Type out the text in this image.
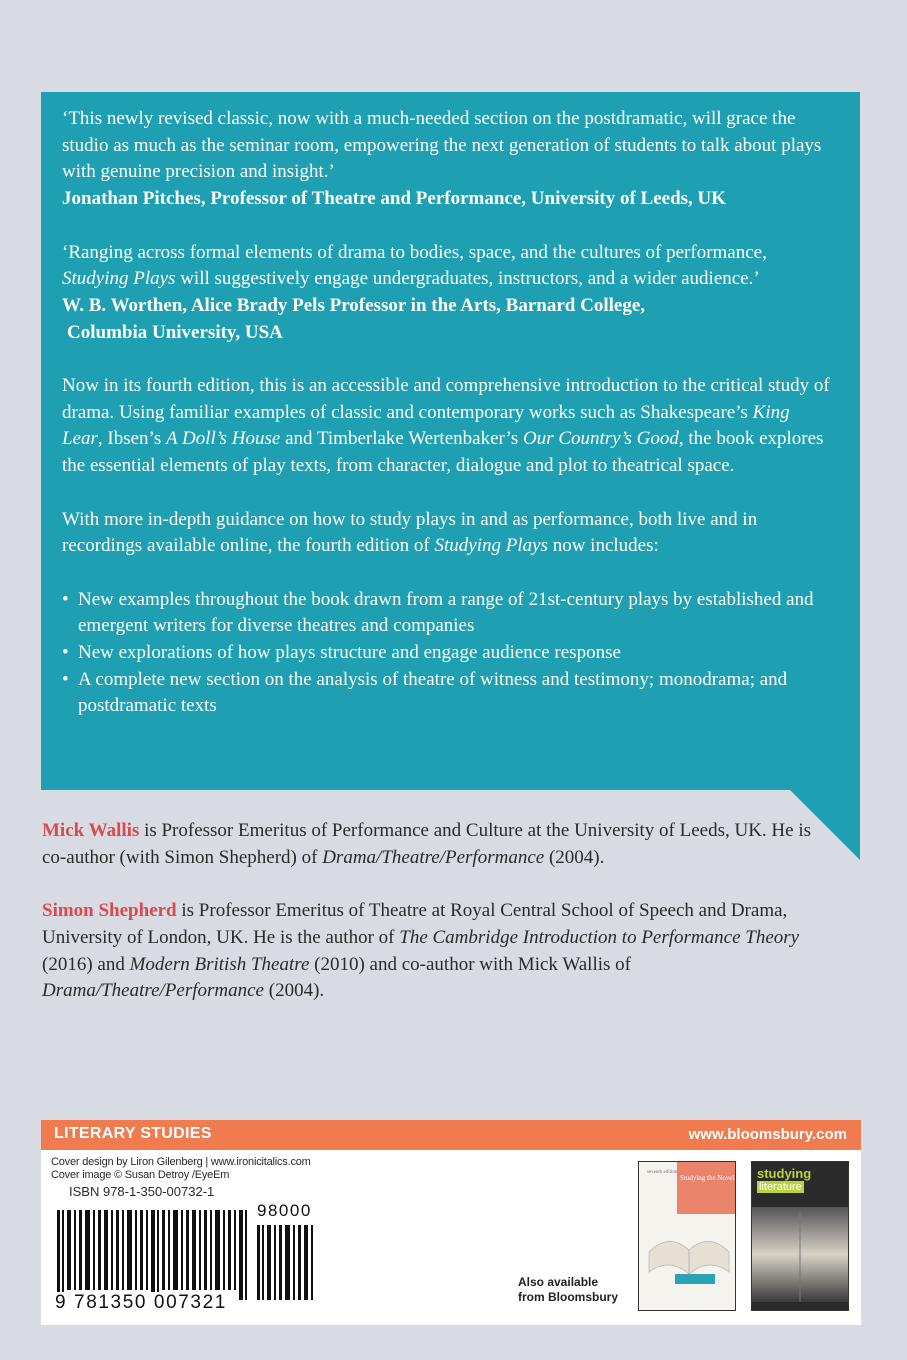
‘This newly revised classic, now with a much-needed section on the postdramatic, will grace the studio as much as the seminar room, empowering the next generation of students to talk about plays with genuine precision and insight.’

Jonathan Pitches, Professor of Theatre and Performance, University of Leeds, UK

‘Ranging across formal elements of drama to bodies, space, and the cultures of performance, Studying Plays will suggestively engage undergraduates, instructors, and a wider audience.’

W. B. Worthen, Alice Brady Pels Professor in the Arts, Barnard College,

Columbia University, USA

Now in its fourth edition, this is an accessible and comprehensive introduction to the critical study of drama. Using familiar examples of classic and contemporary works such as Shakespeare’s King Lear, Ibsen’s A Doll’s House and Timberlake Wertenbaker’s Our Country’s Good, the book explores the essential elements of play texts, from character, dialogue and plot to theatrical space.

With more in-depth guidance on how to study plays in and as performance, both live and in recordings available online, the fourth edition of Studying Plays now includes:

• New examples throughout the book drawn from a range of 21st-century plays by established and emergent writers for diverse theatres and companies
• New explorations of how plays structure and engage audience response
• A complete new section on the analysis of theatre of witness and testimony; monodrama; and postdramatic texts

Mick Wallis is Professor Emeritus of Performance and Culture at the University of Leeds, UK. He is co-author (with Simon Shepherd) of Drama/Theatre/Performance (2004).

Simon Shepherd is Professor Emeritus of Theatre at Royal Central School of Speech and Drama, University of London, UK. He is the author of The Cambridge Introduction to Performance Theory (2016) and Modern British Theatre (2010) and co-author with Mick Wallis of Drama/Theatre/Performance (2004).

LITERARY STUDIES	www.bloomsbury.com
Cover design by Liron Gilenberg | www.ironicitalics.com
Cover image © Susan Detroy /EyeEm
ISBN 978-1-350-00732-1
98000
9 781350 007321
Also available
from Bloomsbury
seventh edition
Studying the Novel studying
literature
